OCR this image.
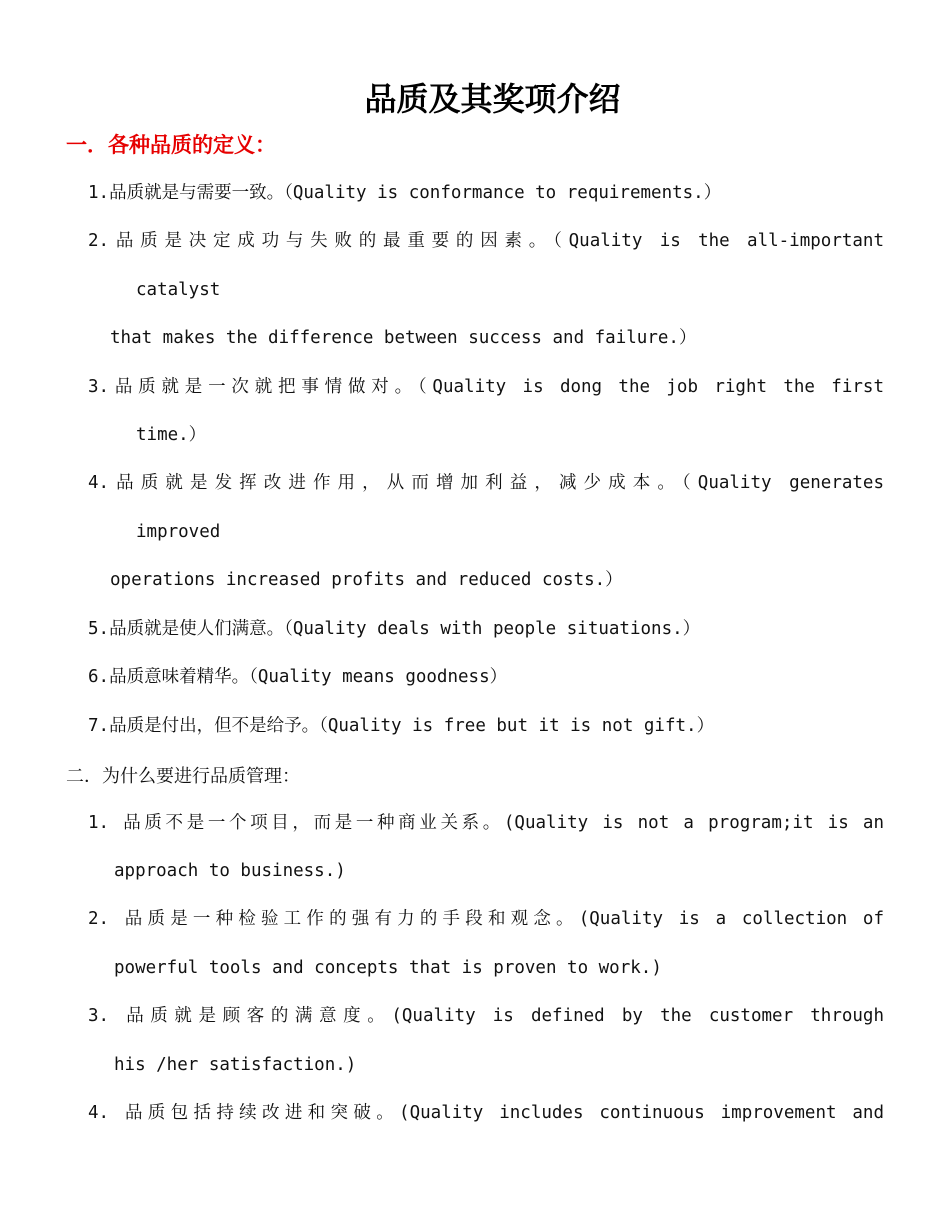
品质及其奖项介绍
一．各种品质的定义：
1.品质就是与需要一致。（Quality is conformance to requirements.）
2.品质是决定成功与失败的最重要的因素。（Quality is the all-important
catalyst
that makes the difference between success and failure.）
3.品质就是一次就把事情做对。（Quality is dong the job right the first
time.）
4.品质就是发挥改进作用，从而增加利益，减少成本。（Quality generates
improved
operations increased profits and reduced costs.）
5.品质就是使人们满意。（Quality deals with people situations.）
6.品质意味着精华。（Quality means goodness）
7.品质是付出，但不是给予。（Quality is free but it is not gift.）
二．为什么要进行品质管理：
1. 品质不是一个项目，而是一种商业关系。(Quality is not a program;it is an
approach to business.)
2. 品质是一种检验工作的强有力的手段和观念。(Quality is a collection of
powerful tools and concepts that is proven to work.)
3. 品质就是顾客的满意度。(Quality is defined by the customer through
his /her satisfaction.)
4. 品质包括持续改进和突破。(Quality includes continuous improvement and
